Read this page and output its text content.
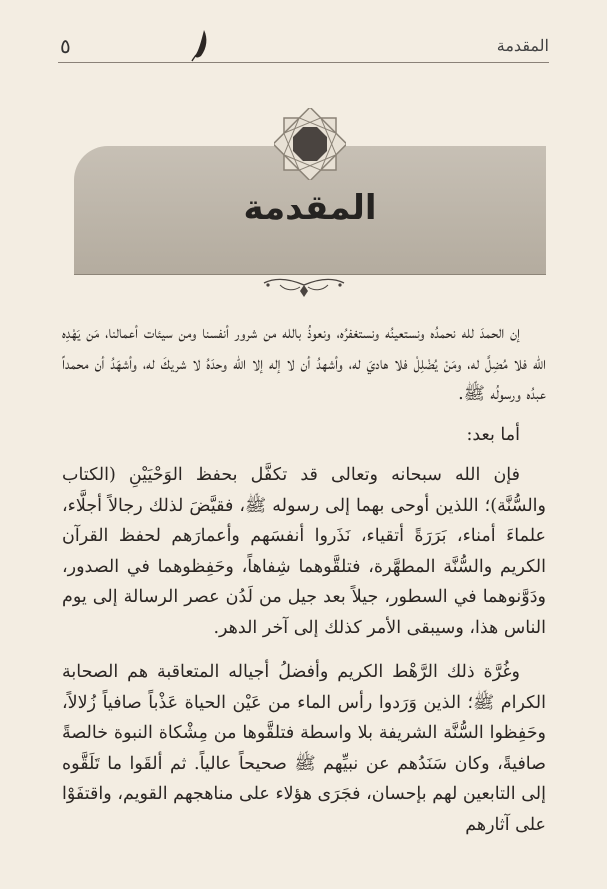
٥	المقدمة
المقدمة

إن الحمدَ لله نحمدُه ونستعينُه ونستغفرُه، ونعوذُ بالله من شرور أنفسنا ومن سيئات أعمالنا، مَن يَهْدِه الله فلا مُضِلَّ له، ومَنْ يُضْلِلْ فلا هاديَ له، وأشهدُ أن لا إله إلا الله وحدَهُ لا شريكَ له، وأشهَدُ أن محمداً عبدُه ورسولُه ﷺ.

أما بعد:

فإن الله سبحانه وتعالى قد تكفَّل بحفظ الوَحْيَيْنِ (الكتاب والسُّنَّة)؛ اللذين أوحى بهما إلى رسوله ﷺ، فقيَّضَ لذلك رجالاً أجلَّاء، علماءَ أمناء، بَرَرَةً أتقياء، نَذَروا أنفسَهم وأعمارَهم لحفظ القرآن الكريم والسُّنَّة المطهَّرة، فتلقَّوهما شِفاهاً، وحَفِظوهما في الصدور، ودَوَّنوهما في السطور، جيلاً بعد جيل من لَدُن عصر الرسالة إلى يوم الناس هذا، وسيبقى الأمر كذلك إلى آخر الدهر.

وغُرَّة ذلك الرَّهْط الكريم وأفضلُ أجياله المتعاقبة هم الصحابة الكرام ﷺ؛ الذين وَرَدوا رأس الماء من عَيْن الحياة عَذْباً صافياً زُلالاً، وحَفِظوا السُّنَّة الشريفة بلا واسطة فتلقَّوها من مِشْكاة النبوة خالصةً صافيةً، وكان سَنَدُهم عن نبيِّهم ﷺ صحيحاً عالياً. ثم ألقَوا ما تَلَقَّوه إلى التابعين لهم بإحسان، فجَرَى هؤلاء على مناهجهم القويم، واقتفَوْا على آثارهم
